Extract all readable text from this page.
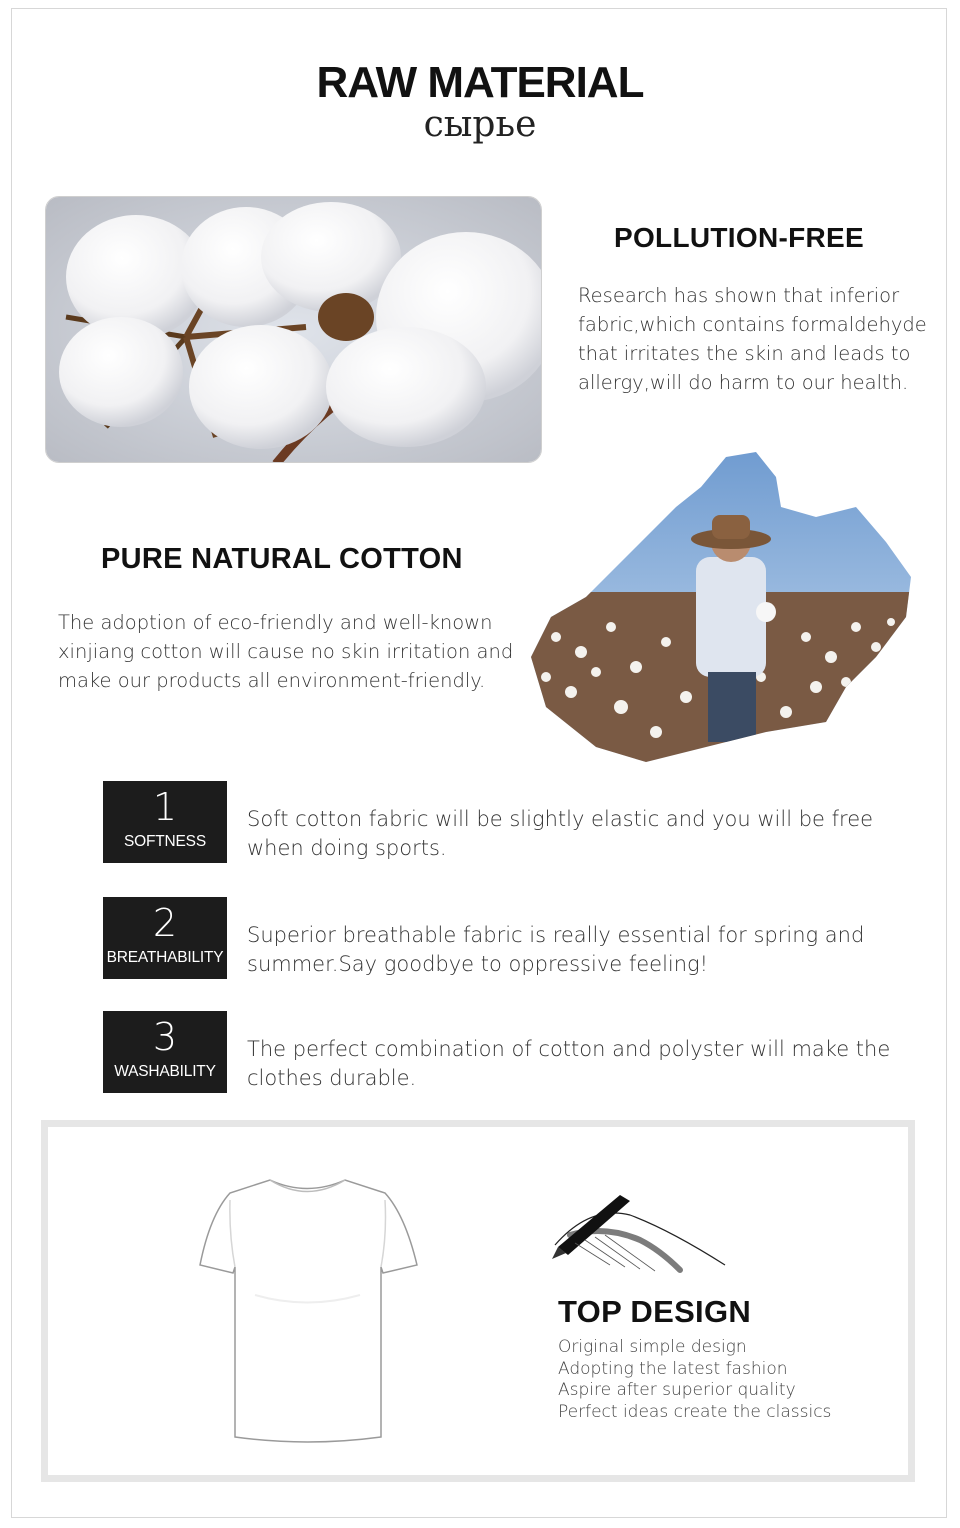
RAW MATERIAL
сырье
POLLUTION-FREE
Research has shown that inferior fabric,which contains formaldehyde that irritates the skin and leads to allergy,will do harm to our health.
PURE NATURAL COTTON
The adoption of eco-friendly and well-known xinjiang cotton will cause no skin irritation and make our products all environment-friendly.
1
SOFTNESS
Soft cotton fabric will be slightly elastic and you will be free when doing sports.
2
BREATHABILITY
Superior breathable fabric is really essential for spring and summer.Say goodbye to oppressive feeling!
3
WASHABILITY
The perfect combination of cotton and polyster will make the clothes durable.
TOP DESIGN
Original simple design
Adopting the latest fashion
Aspire after superior quality
Perfect ideas create the classics
